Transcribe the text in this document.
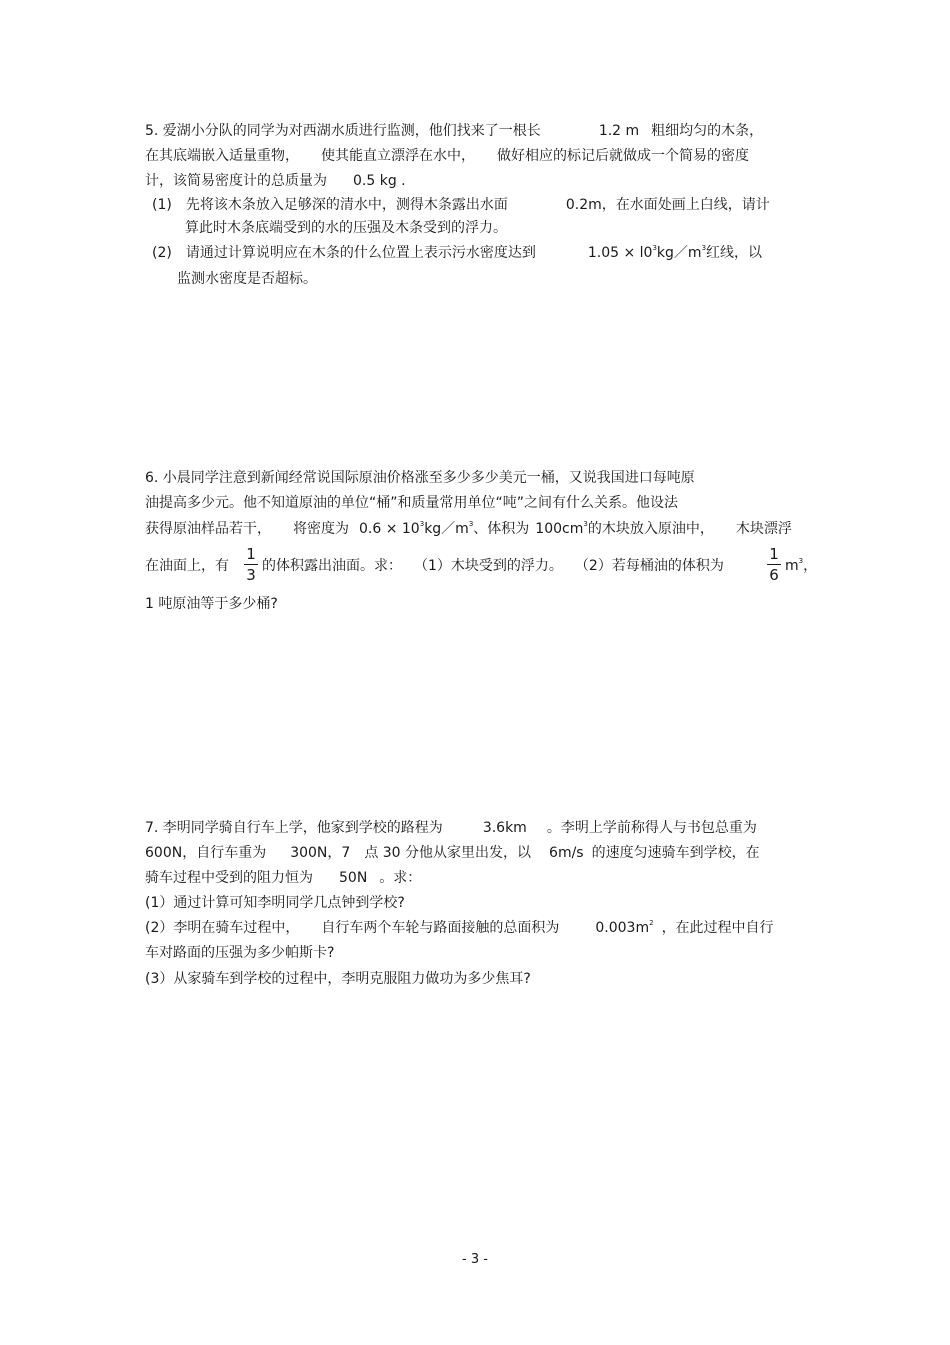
5. 爱湖小分队的同学为对西湖水质进行监测，他们找来了一根长	1.2 m 粗细均匀的木条，
在其底端嵌入适量重物， 使其能直立漂浮在水中， 做好相应的标记后就做成一个简易的密度
计，该简易密度计的总质量为 0.5 kg .
(1) 先将该木条放入足够深的清水中，测得木条露出水面	0.2m，在水面处画上白线，请计
算此时木条底端受到的水的压强及木条受到的浮力。
(2) 请通过计算说明应在木条的什么位置上表示污水密度达到	$1.05 \times l0^3kg/m^3$红线，以
监测水密度是否超标。
6. 小晨同学注意到新闻经常说国际原油价格涨至多少多少美元一桶，又说我国进口每吨原
油提高多少元。他不知道原油的单位“桶”和质量常用单位“吨”之间有什么关系。他设法
获得原油样品若干， 将密度为 $0.6 \times 10^3kg/m^3$、体积为 $100cm^3$的木块放入原油中， 木块漂浮
在油面上，有
1
3 的体积露出油面。求： （1）木块受到的浮力。 （2）若每桶油的体积为
1
6 $m^3$，
1 吨原油等于多少桶?
7. 李明同学骑自行车上学，他家到学校的路程为	3.6km 。李明上学前称得人与书包总重为
600N，自行车重为 300N，7 点 30 分他从家里出发，以 6m/s 的速度匀速骑车到学校，在
骑车过程中受到的阻力恒为 50N 。求：
(1）通过计算可知李明同学几点钟到学校?
(2）李明在骑车过程中， 自行车两个车轮与路面接触的总面积为	$0.003m^2$ ，在此过程中自行
车对路面的压强为多少帕斯卡?
(3）从家骑车到学校的过程中，李明克服阻力做功为多少焦耳?
- 3 -
